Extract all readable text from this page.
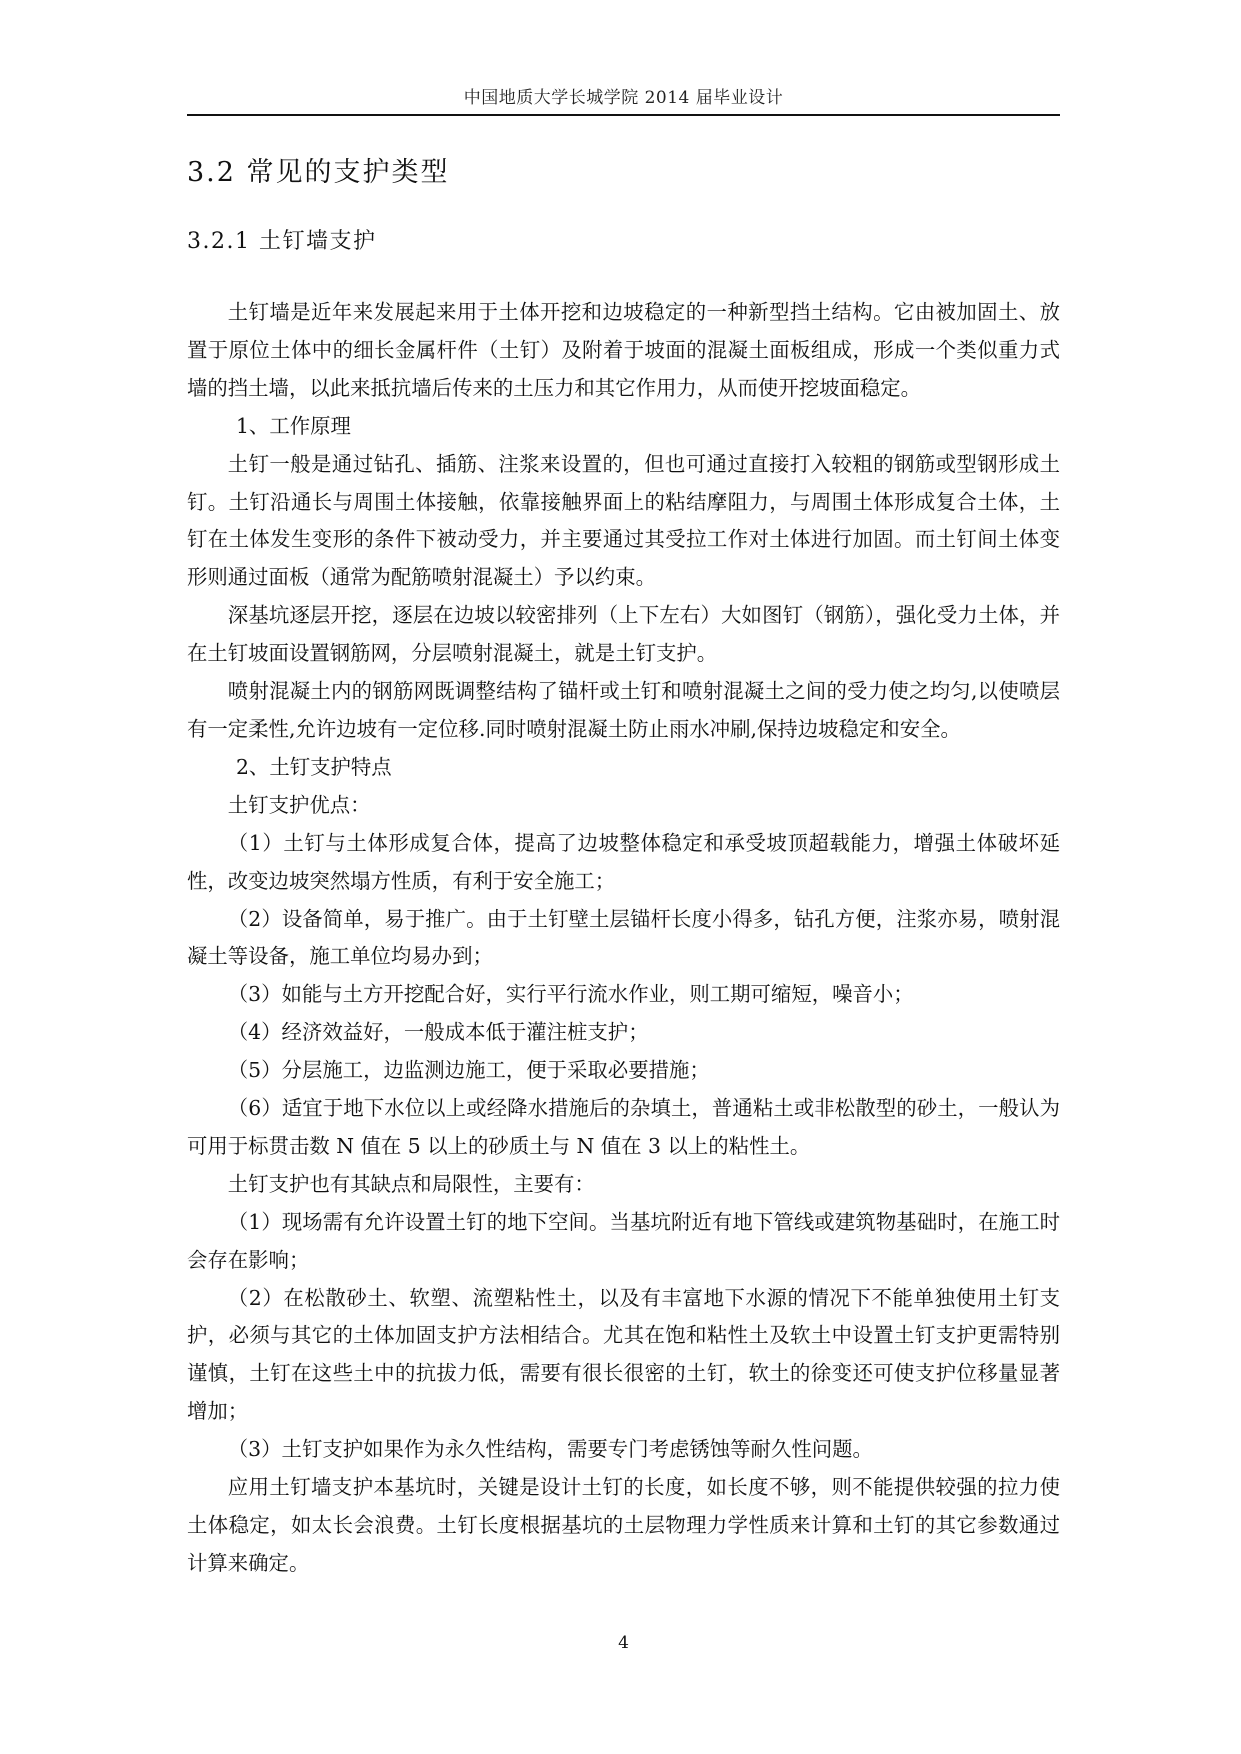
中国地质大学长城学院 2014 届毕业设计
3.2 常见的支护类型
3.2.1 土钉墙支护

土钉墙是近年来发展起来用于土体开挖和边坡稳定的一种新型挡土结构。它由被加固土、放置于原位土体中的细长金属杆件（土钉）及附着于坡面的混凝土面板组成，形成一个类似重力式墙的挡土墙，以此来抵抗墙后传来的土压力和其它作用力，从而使开挖坡面稳定。

1、工作原理

土钉一般是通过钻孔、插筋、注浆来设置的，但也可通过直接打入较粗的钢筋或型钢形成土钉。土钉沿通长与周围土体接触，依靠接触界面上的粘结摩阻力，与周围土体形成复合土体，土钉在土体发生变形的条件下被动受力，并主要通过其受拉工作对土体进行加固。而土钉间土体变形则通过面板（通常为配筋喷射混凝土）予以约束。

深基坑逐层开挖，逐层在边坡以较密排列（上下左右）大如图钉（钢筋），强化受力土体，并在土钉坡面设置钢筋网，分层喷射混凝土，就是土钉支护。

喷射混凝土内的钢筋网既调整结构了锚杆或土钉和喷射混凝土之间的受力使之均匀,以使喷层有一定柔性,允许边坡有一定位移.同时喷射混凝土防止雨水冲刷,保持边坡稳定和安全。

2、土钉支护特点

土钉支护优点：

（1）土钉与土体形成复合体，提高了边坡整体稳定和承受坡顶超载能力，增强土体破坏延性，改变边坡突然塌方性质，有利于安全施工；

（2）设备简单，易于推广。由于土钉壁土层锚杆长度小得多，钻孔方便，注浆亦易，喷射混凝土等设备，施工单位均易办到；

（3）如能与土方开挖配合好，实行平行流水作业，则工期可缩短，噪音小；

（4）经济效益好，一般成本低于灌注桩支护；

（5）分层施工，边监测边施工，便于采取必要措施；

（6）适宜于地下水位以上或经降水措施后的杂填土，普通粘土或非松散型的砂土，一般认为可用于标贯击数 N 值在 5 以上的砂质土与 N 值在 3 以上的粘性土。

土钉支护也有其缺点和局限性，主要有：

（1）现场需有允许设置土钉的地下空间。当基坑附近有地下管线或建筑物基础时，在施工时会存在影响；

（2）在松散砂土、软塑、流塑粘性土，以及有丰富地下水源的情况下不能单独使用土钉支护，必须与其它的土体加固支护方法相结合。尤其在饱和粘性土及软土中设置土钉支护更需特别谨慎，土钉在这些土中的抗拔力低，需要有很长很密的土钉，软土的徐变还可使支护位移量显著增加；

（3）土钉支护如果作为永久性结构，需要专门考虑锈蚀等耐久性问题。

应用土钉墙支护本基坑时，关键是设计土钉的长度，如长度不够，则不能提供较强的拉力使土体稳定，如太长会浪费。土钉长度根据基坑的土层物理力学性质来计算和土钉的其它参数通过计算来确定。

4
